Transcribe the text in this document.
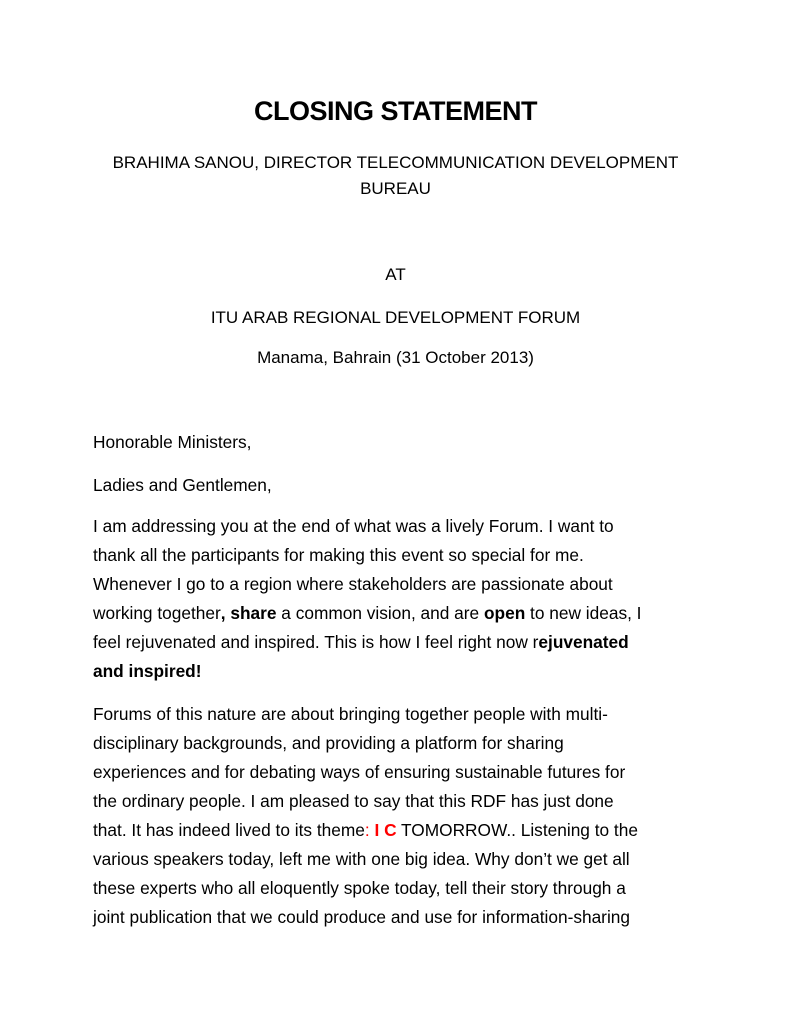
CLOSING STATEMENT

BRAHIMA SANOU, DIRECTOR TELECOMMUNICATION DEVELOPMENT BUREAU

AT

ITU ARAB REGIONAL DEVELOPMENT FORUM

Manama, Bahrain (31 October 2013)

Honorable Ministers,

Ladies and Gentlemen,

I am addressing you at the end of what was a lively Forum. I want to
thank all the participants for making this event so special for me.
Whenever I go to a region where stakeholders are passionate about
working together, share a common vision, and are open to new ideas, I
feel rejuvenated and inspired. This is how I feel right now rejuvenated
and inspired!
Forums of this nature are about bringing together people with multi-
disciplinary backgrounds, and providing a platform for sharing
experiences and for debating ways of ensuring sustainable futures for
the ordinary people. I am pleased to say that this RDF has just done
that. It has indeed lived to its theme: I C TOMORROW.. Listening to the
various speakers today, left me with one big idea. Why don’t we get all
these experts who all eloquently spoke today, tell their story through a
joint publication that we could produce and use for information-sharing
